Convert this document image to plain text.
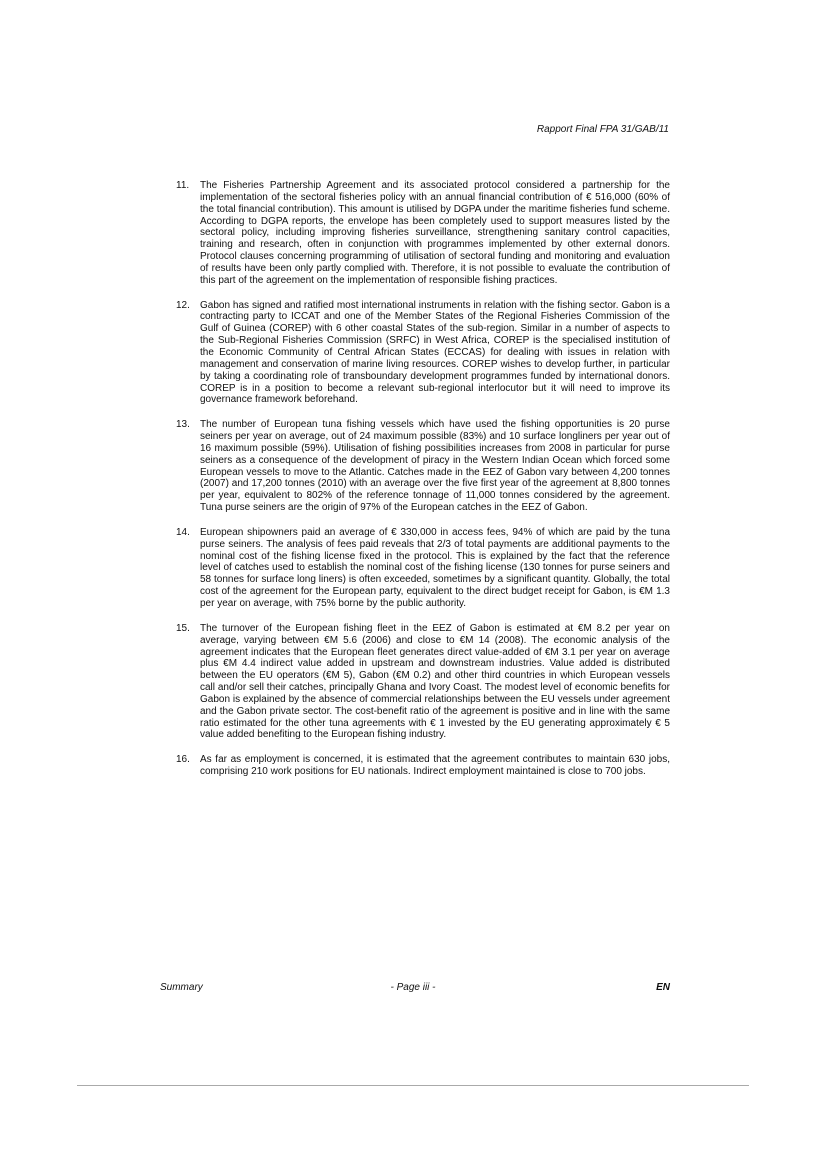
Rapport Final FPA 31/GAB/11
11. The Fisheries Partnership Agreement and its associated protocol considered a partnership for the implementation of the sectoral fisheries policy with an annual financial contribution of € 516,000 (60% of the total financial contribution). This amount is utilised by DGPA under the maritime fisheries fund scheme. According to DGPA reports, the envelope has been completely used to support measures listed by the sectoral policy, including improving fisheries surveillance, strengthening sanitary control capacities, training and research, often in conjunction with programmes implemented by other external donors. Protocol clauses concerning programming of utilisation of sectoral funding and monitoring and evaluation of results have been only partly complied with. Therefore, it is not possible to evaluate the contribution of this part of the agreement on the implementation of responsible fishing practices.
12. Gabon has signed and ratified most international instruments in relation with the fishing sector. Gabon is a contracting party to ICCAT and one of the Member States of the Regional Fisheries Commission of the Gulf of Guinea (COREP) with 6 other coastal States of the sub-region. Similar in a number of aspects to the Sub-Regional Fisheries Commission (SRFC) in West Africa, COREP is the specialised institution of the Economic Community of Central African States (ECCAS) for dealing with issues in relation with management and conservation of marine living resources. COREP wishes to develop further, in particular by taking a coordinating role of transboundary development programmes funded by international donors. COREP is in a position to become a relevant sub-regional interlocutor but it will need to improve its governance framework beforehand.
13. The number of European tuna fishing vessels which have used the fishing opportunities is 20 purse seiners per year on average, out of 24 maximum possible (83%) and 10 surface longliners per year out of 16 maximum possible (59%). Utilisation of fishing possibilities increases from 2008 in particular for purse seiners as a consequence of the development of piracy in the Western Indian Ocean which forced some European vessels to move to the Atlantic. Catches made in the EEZ of Gabon vary between 4,200 tonnes (2007) and 17,200 tonnes (2010) with an average over the five first year of the agreement at 8,800 tonnes per year, equivalent to 802% of the reference tonnage of 11,000 tonnes considered by the agreement. Tuna purse seiners are the origin of 97% of the European catches in the EEZ of Gabon.
14. European shipowners paid an average of € 330,000 in access fees, 94% of which are paid by the tuna purse seiners. The analysis of fees paid reveals that 2/3 of total payments are additional payments to the nominal cost of the fishing license fixed in the protocol. This is explained by the fact that the reference level of catches used to establish the nominal cost of the fishing license (130 tonnes for purse seiners and 58 tonnes for surface long liners) is often exceeded, sometimes by a significant quantity. Globally, the total cost of the agreement for the European party, equivalent to the direct budget receipt for Gabon, is €M 1.3 per year on average, with 75% borne by the public authority.
15. The turnover of the European fishing fleet in the EEZ of Gabon is estimated at €M 8.2 per year on average, varying between €M 5.6 (2006) and close to €M 14 (2008). The economic analysis of the agreement indicates that the European fleet generates direct value-added of €M 3.1 per year on average plus €M 4.4 indirect value added in upstream and downstream industries. Value added is distributed between the EU operators (€M 5), Gabon (€M 0.2) and other third countries in which European vessels call and/or sell their catches, principally Ghana and Ivory Coast. The modest level of economic benefits for Gabon is explained by the absence of commercial relationships between the EU vessels under agreement and the Gabon private sector. The cost-benefit ratio of the agreement is positive and in line with the same ratio estimated for the other tuna agreements with € 1 invested by the EU generating approximately € 5 value added benefiting to the European fishing industry.
16. As far as employment is concerned, it is estimated that the agreement contributes to maintain 630 jobs, comprising 210 work positions for EU nationals. Indirect employment maintained is close to 700 jobs.
Summary	- Page iii -	EN
